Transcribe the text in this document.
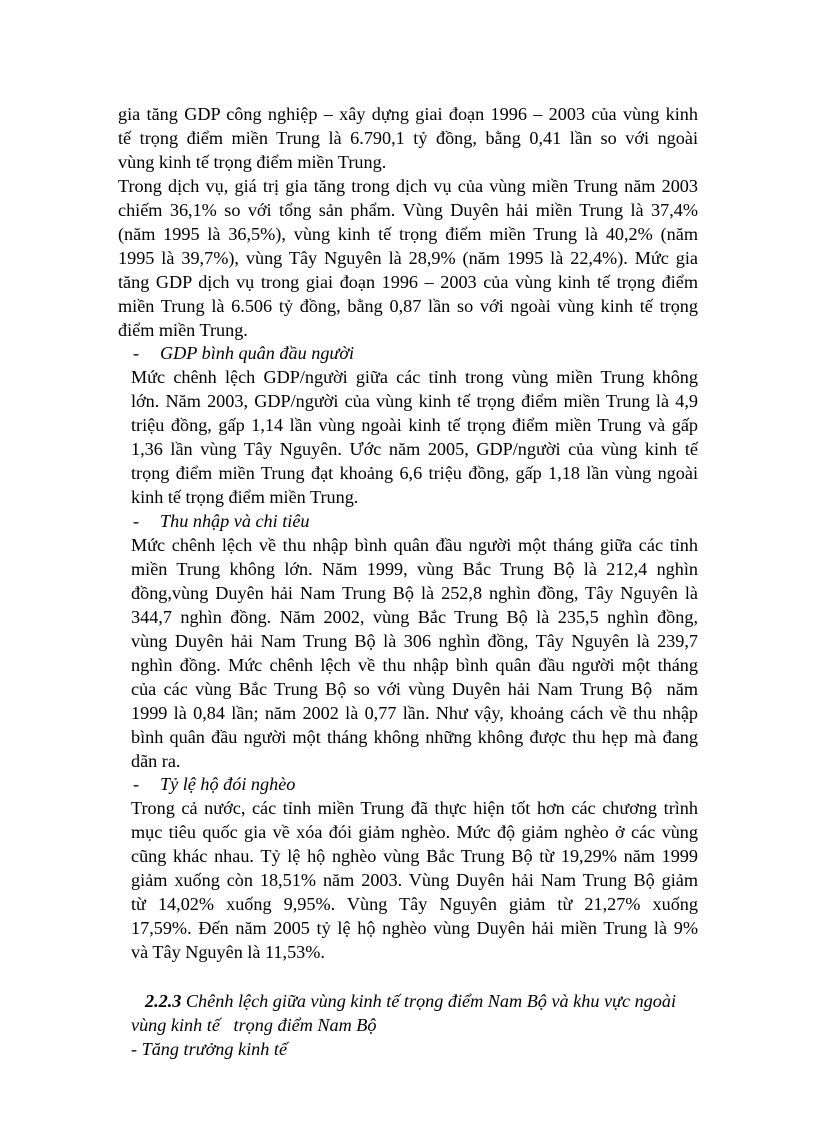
gia tăng GDP công nghiệp – xây dựng giai đoạn 1996 – 2003 của vùng kinh
tế trọng điểm miền Trung là 6.790,1 tỷ đồng, bằng 0,41 lần so với ngoài
vùng kinh tế trọng điểm miền Trung.
Trong dịch vụ, giá trị gia tăng trong dịch vụ của vùng miền Trung năm 2003
chiếm 36,1% so với tổng sản phẩm. Vùng Duyên hải miền Trung là 37,4%
(năm 1995 là 36,5%), vùng kinh tế trọng điểm miền Trung là 40,2% (năm
1995 là 39,7%), vùng Tây Nguyên là 28,9% (năm 1995 là 22,4%). Mức gia
tăng GDP dịch vụ trong giai đoạn 1996 – 2003 của vùng kinh tế trọng điểm
miền Trung là 6.506 tỷ đồng, bằng 0,87 lần so với ngoài vùng kinh tế trọng
điểm miền Trung.
- GDP bình quân đầu người
Mức chênh lệch GDP/người giữa các tỉnh trong vùng miền Trung không
lớn. Năm 2003, GDP/người của vùng kinh tế trọng điểm miền Trung là 4,9
triệu đồng, gấp 1,14 lần vùng ngoài kinh tế trọng điểm miền Trung và gấp
1,36 lần vùng Tây Nguyên. Ước năm 2005, GDP/người của vùng kinh tế
trọng điểm miền Trung đạt khoảng 6,6 triệu đồng, gấp 1,18 lần vùng ngoài
kinh tế trọng điểm miền Trung.
- Thu nhập và chi tiêu
Mức chênh lệch về thu nhập bình quân đầu người một tháng giữa các tỉnh
miền Trung không lớn. Năm 1999, vùng Bắc Trung Bộ là 212,4 nghìn
đồng,vùng Duyên hải Nam Trung Bộ là 252,8 nghìn đồng, Tây Nguyên là
344,7 nghìn đồng. Năm 2002, vùng Bắc Trung Bộ là 235,5 nghìn đồng,
vùng Duyên hải Nam Trung Bộ là 306 nghìn đồng, Tây Nguyên là 239,7
nghìn đồng. Mức chênh lệch về thu nhập bình quân đầu người một tháng
của các vùng Bắc Trung Bộ so với vùng Duyên hải Nam Trung Bộ  năm
1999 là 0,84 lần; năm 2002 là 0,77 lần. Như vậy, khoảng cách về thu nhập
bình quân đầu người một tháng không những không được thu hẹp mà đang
dãn ra.
- Tỷ lệ hộ đói nghèo
Trong cả nước, các tỉnh miền Trung đã thực hiện tốt hơn các chương trình
mục tiêu quốc gia về xóa đói giảm nghèo. Mức độ giảm nghèo ở các vùng
cũng khác nhau. Tỷ lệ hộ nghèo vùng Bắc Trung Bộ từ 19,29% năm 1999
giảm xuống còn 18,51% năm 2003. Vùng Duyên hải Nam Trung Bộ giảm
từ 14,02% xuống 9,95%. Vùng Tây Nguyên giảm từ 21,27% xuống
17,59%. Đến năm 2005 tỷ lệ hộ nghèo vùng Duyên hải miền Trung là 9%
và Tây Nguyên là 11,53%.
2.2.3 Chênh lệch giữa vùng kinh tế trọng điểm Nam Bộ và khu vực ngoài
vùng kinh tế   trọng điểm Nam Bộ
- Tăng trưởng kinh tế
